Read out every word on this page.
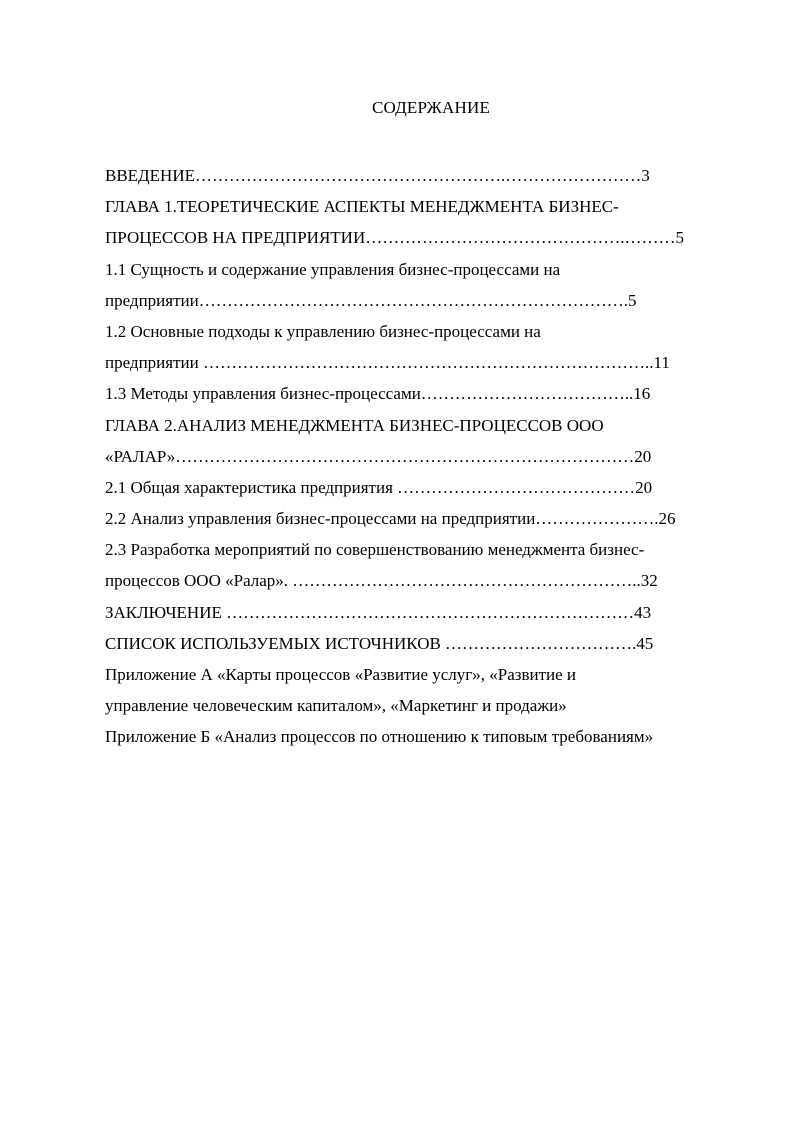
СОДЕРЖАНИЕ
ВВЕДЕНИЕ……………………………………………….……………………3
ГЛАВА 1.ТЕОРЕТИЧЕСКИЕ АСПЕКТЫ МЕНЕДЖМЕНТА БИЗНЕС-
ПРОЦЕССОВ НА ПРЕДПРИЯТИИ……………………………………….………5
1.1 Сущность и содержание управления бизнес-процессами на
предприятии………………………………………………………………….5
1.2 Основные подходы к управлению бизнес-процессами на
предприятии ……………………………………………………………………..11
1.3 Методы управления бизнес-процессами………………………………..16
ГЛАВА 2.АНАЛИЗ МЕНЕДЖМЕНТА БИЗНЕС-ПРОЦЕССОВ ООО
«РАЛАР»………………………………………………………………………20
2.1 Общая характеристика предприятия ……………………………………20
2.2 Анализ управления бизнес-процессами на предприятии………………….26
2.3 Разработка мероприятий по совершенствованию менеджмента бизнес-
процессов ООО «Ралар». ……………………………………………………..32
ЗАКЛЮЧЕНИЕ ………………………………………………………………43
СПИСОК ИСПОЛЬЗУЕМЫХ ИСТОЧНИКОВ …………………………….45
Приложение А «Карты процессов «Развитие услуг», «Развитие и
управление человеческим капиталом», «Маркетинг и продажи»
Приложение Б «Анализ процессов по отношению к типовым требованиям»
